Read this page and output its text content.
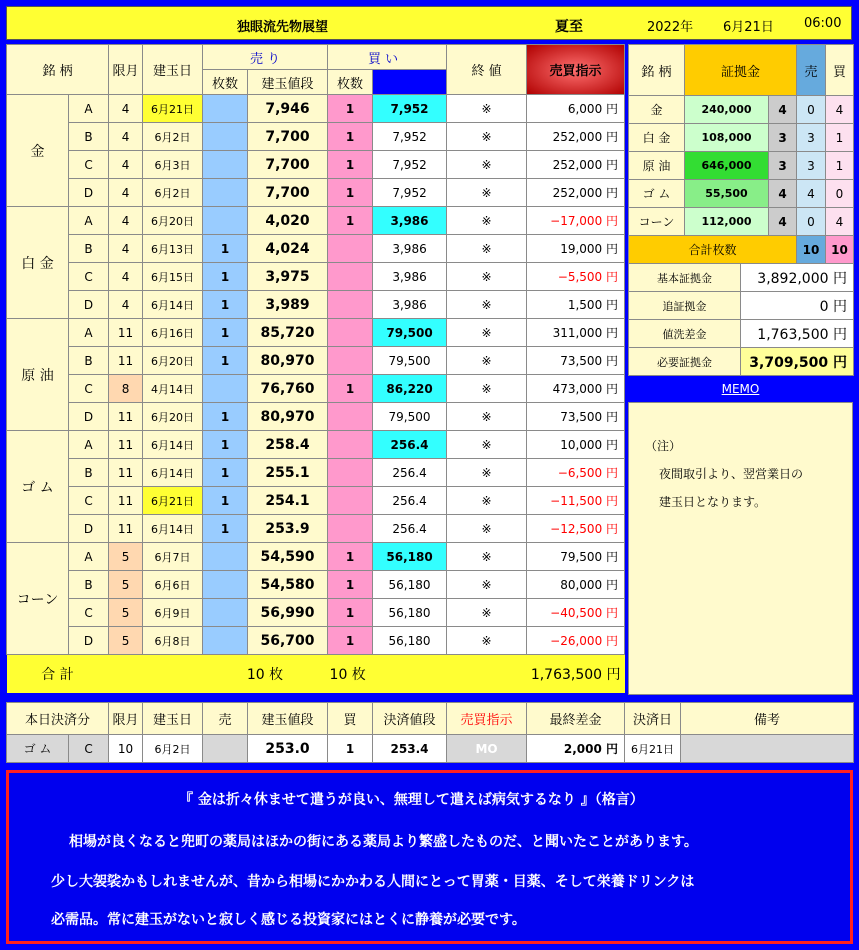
独眼流先物展望	夏至	2022年 6月21日 06:00
銘 柄		限月	建玉日	売 り		買 い		終 値	売買指示	
				枚数	建玉値段	枚数				
金	A	4	6月21日		7,946	1	7,952	※	6,000 円	
	B	4	6月2日		7,700	1	7,952	※	252,000 円	
	C	4	6月3日		7,700	1	7,952	※	252,000 円	
	D	4	6月2日		7,700	1	7,952	※	252,000 円	
白 金	A	4	6月20日		4,020	1	3,986	※	−17,000 円	
	B	4	6月13日	1	4,024		3,986	※	19,000 円	
	C	4	6月15日	1	3,975		3,986	※	−5,500 円	
	D	4	6月14日	1	3,989		3,986	※	1,500 円	
原 油	A	11	6月16日	1	85,720		79,500	※	311,000 円	
	B	11	6月20日	1	80,970		79,500	※	73,500 円	
	C	8	4月14日		76,760	1	86,220	※	473,000 円	
	D	11	6月20日	1	80,970		79,500	※	73,500 円	
ゴ ム	A	11	6月14日	1	258.4		256.4	※	10,000 円	
	B	11	6月14日	1	255.1		256.4	※	−6,500 円	
	C	11	6月21日	1	254.1		256.4	※	−11,500 円	
	D	11	6月14日	1	253.9		256.4	※	−12,500 円	
コーン	A	5	6月7日		54,590	1	56,180	※	79,500 円	
	B	5	6月6日		54,580	1	56,180	※	80,000 円	
	C	5	6月9日		56,990	1	56,180	※	−40,500 円	
	D	5	6月8日		56,700	1	56,180	※	−26,000 円	
合 計				10 枚		10 枚			1,763,500 円	
銘 柄	証拠金			売	買
金	240,000		4	0	4
白 金	108,000		3	3	1
原 油	646,000		3	3	1
ゴ ム	55,500		4	4	0
コーン	112,000		4	0	4
合計枚数				10	10
基本証拠金		3,892,000 円			
追証拠金		0 円			
値洗差金		1,763,500 円			
必要証拠金		3,709,500 円			
MEMO
（注）
夜間取引より、翌営業日の
建玉日となります。
本日決済分		限月	建玉日	売	建玉値段	買	決済値段	売買指示	最終差金	決済日	備考
ゴ ム	C	10	6月2日		253.0	1	253.4	MO	2,000 円	6月21日	

『 金は折々休ませて遣うが良い、無理して遣えば病気するなり 』（格言）

相場が良くなると兜町の薬局はほかの街にある薬局より繁盛したものだ、と聞いたことがあります。

少し大袈裟かもしれませんが、昔から相場にかかわる人間にとって胃薬・目薬、そして栄養ドリンクは

必需品。常に建玉がないと寂しく感じる投資家にはとくに静養が必要です。
